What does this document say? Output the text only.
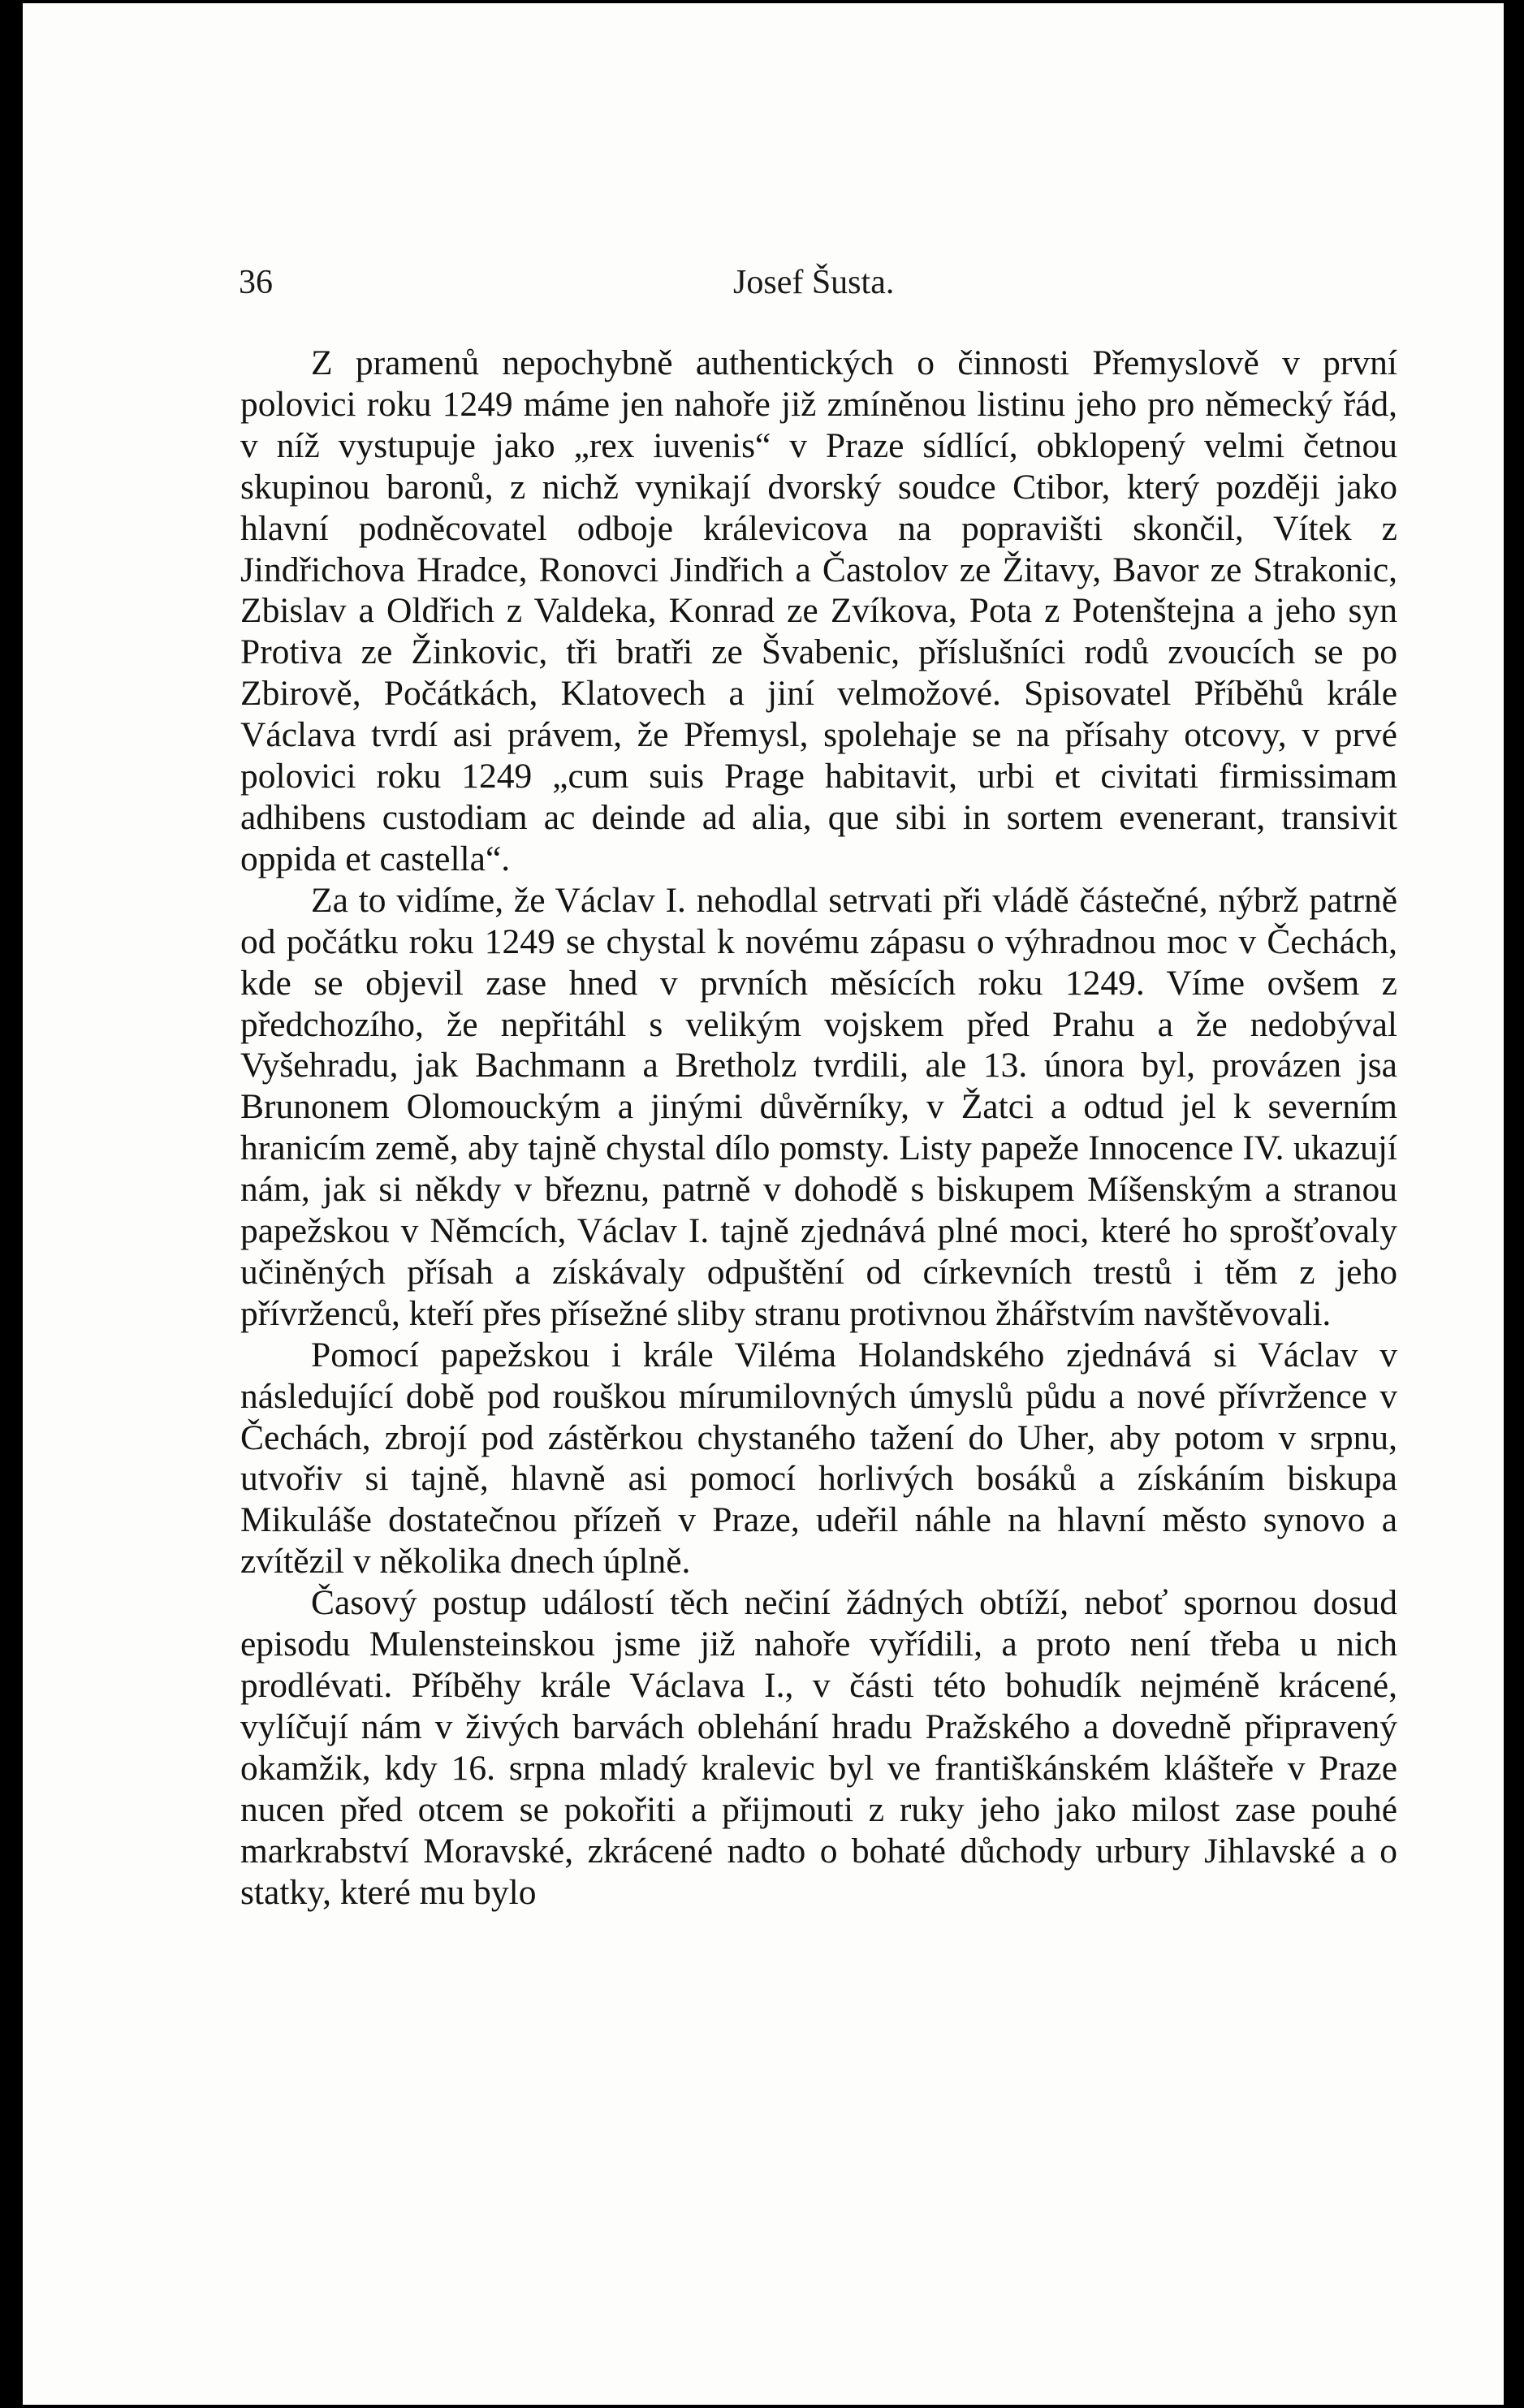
36	Josef Šusta.

Z pramenů nepochybně authentických o činnosti Přemyslově v první polovici roku 1249 máme jen nahoře již zmíněnou listinu jeho pro německý řád, v níž vystupuje jako „rex iuvenis“ v Praze sídlící, obklopený velmi četnou skupinou baronů, z nichž vynikají dvorský soudce Ctibor, který později jako hlavní podněcovatel odboje králevicova na popravišti skončil, Vítek z Jindřichova Hradce, Ronovci Jindřich a Častolov ze Žitavy, Bavor ze Strakonic, Zbislav a Oldřich z Valdeka, Konrad ze Zvíkova, Pota z Potenštejna a jeho syn Protiva ze Žinkovic, tři bratři ze Švabenic, příslušníci rodů zvoucích se po Zbirově, Počátkách, Klatovech a jiní velmožové. Spisovatel Příběhů krále Václava tvrdí asi právem, že Přemysl, spolehaje se na přísahy otcovy, v prvé polovici roku 1249 „cum suis Prage habitavit, urbi et civitati firmissimam adhibens custodiam ac deinde ad alia, que sibi in sortem evenerant, transivit oppida et castella“.

Za to vidíme, že Václav I. nehodlal setrvati při vládě částečné, nýbrž patrně od počátku roku 1249 se chystal k novému zápasu o výhradnou moc v Čechách, kde se objevil zase hned v prvních měsících roku 1249. Víme ovšem z předchozího, že nepřitáhl s velikým vojskem před Prahu a že nedobýval Vyšehradu, jak Bachmann a Bretholz tvrdili, ale 13. února byl, provázen jsa Brunonem Olomouckým a jinými důvěrníky, v Žatci a odtud jel k severním hranicím země, aby tajně chystal dílo pomsty. Listy papeže Innocence IV. ukazují nám, jak si někdy v březnu, patrně v dohodě s biskupem Míšenským a stranou papežskou v Němcích, Václav I. tajně zjednává plné moci, které ho sprošťovaly učiněných přísah a získávaly odpuštění od církevních trestů i těm z jeho přívrženců, kteří přes přísežné sliby stranu protivnou žhářstvím navštěvovali.

Pomocí papežskou i krále Viléma Holandského zjednává si Václav v následující době pod rouškou mírumilovných úmyslů půdu a nové přívržence v Čechách, zbrojí pod zástěrkou chystaného tažení do Uher, aby potom v srpnu, utvořiv si tajně, hlavně asi pomocí horlivých bosáků a získáním biskupa Mikuláše dostatečnou přízeň v Praze, udeřil náhle na hlavní město synovo a zvítězil v několika dnech úplně.

Časový postup událostí těch nečiní žádných obtíží, neboť spornou dosud episodu Mulensteinskou jsme již nahoře vyřídili, a proto není třeba u nich prodlévati. Příběhy krále Václava I., v části této bohudík nejméně krácené, vylíčují nám v živých barvách oblehání hradu Pražského a dovedně připravený okamžik, kdy 16. srpna mladý kralevic byl ve františkánském klášteře v Praze nucen před otcem se pokořiti a přijmouti z ruky jeho jako milost zase pouhé markrabství Moravské, zkrácené nadto o bohaté důchody urbury Jihlavské a o statky, které mu bylo
